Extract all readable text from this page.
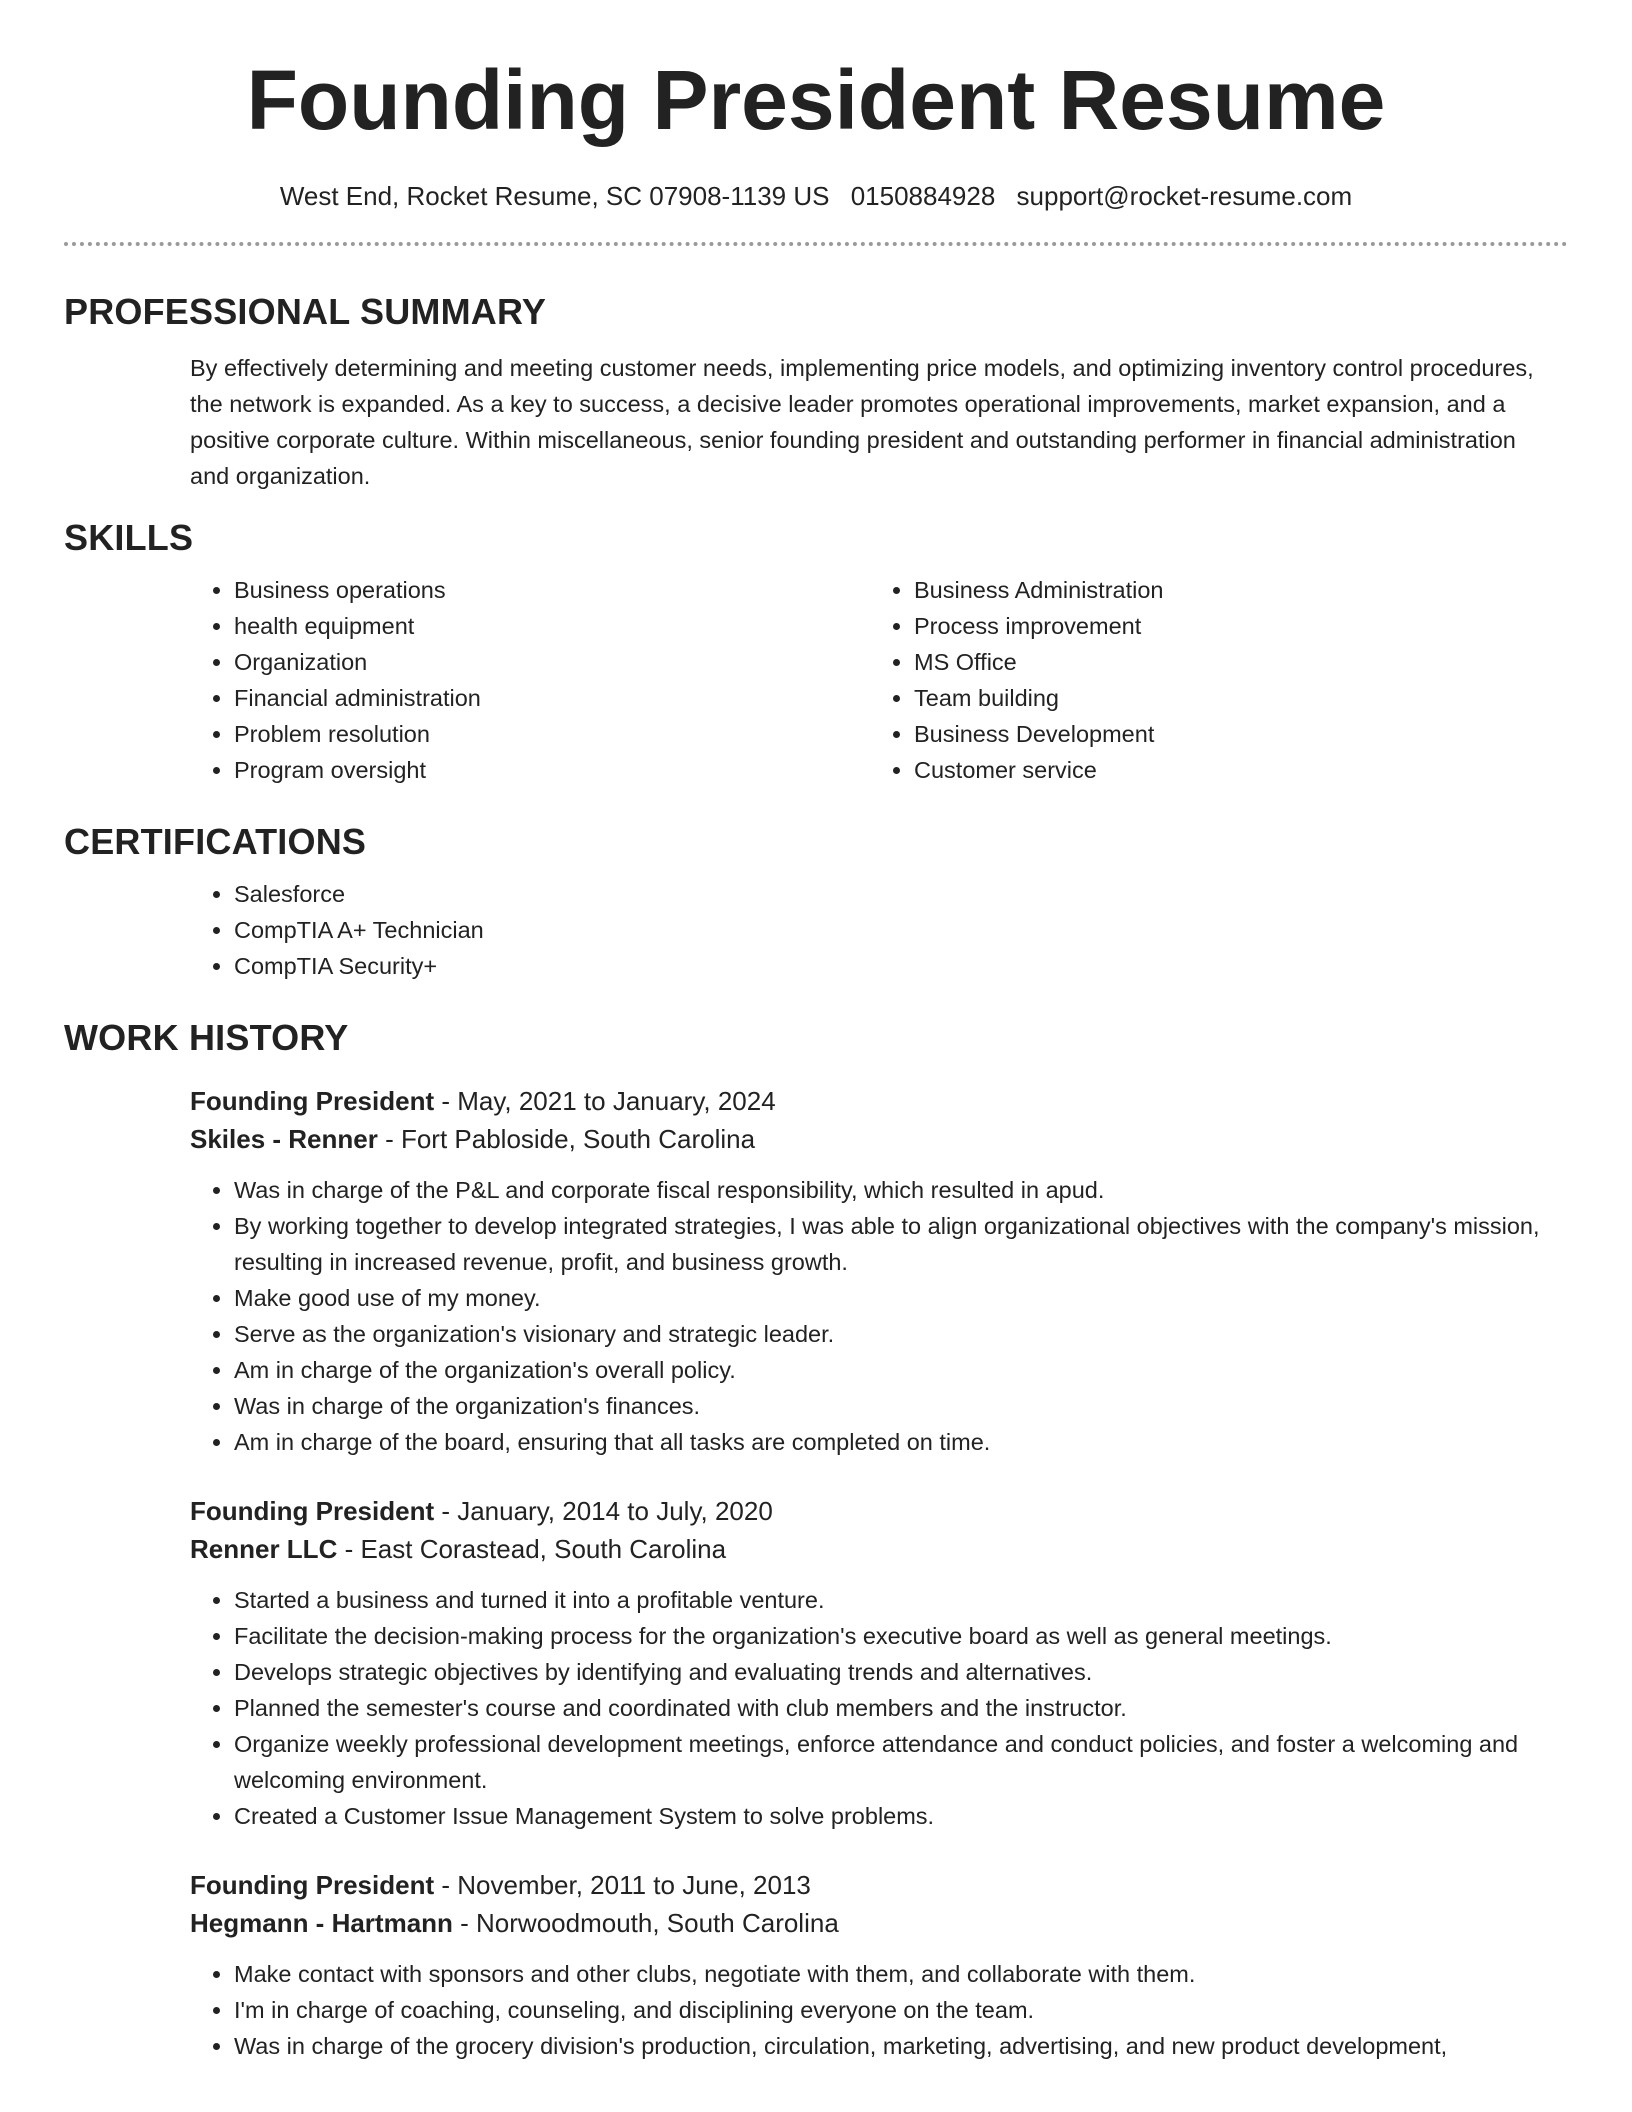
Founding President Resume
West End, Rocket Resume, SC 07908-1139 US 0150884928 support@rocket-resume.com
PROFESSIONAL SUMMARY
By effectively determining and meeting customer needs, implementing price models, and optimizing inventory control procedures, the network is expanded. As a key to success, a decisive leader promotes operational improvements, market expansion, and a positive corporate culture. Within miscellaneous, senior founding president and outstanding performer in financial administration and organization.
SKILLS
• Business operations
• health equipment
• Organization
• Financial administration
• Problem resolution
• Program oversight
• Business Administration
• Process improvement
• MS Office
• Team building
• Business Development
• Customer service
CERTIFICATIONS
• Salesforce
• CompTIA A+ Technician
• CompTIA Security+
WORK HISTORY
Founding President - May, 2021 to January, 2024
Skiles - Renner - Fort Pabloside, South Carolina
• Was in charge of the P&L and corporate fiscal responsibility, which resulted in apud.
• By working together to develop integrated strategies, I was able to align organizational objectives with the company's mission, resulting in increased revenue, profit, and business growth.
• Make good use of my money.
• Serve as the organization's visionary and strategic leader.
• Am in charge of the organization's overall policy.
• Was in charge of the organization's finances.
• Am in charge of the board, ensuring that all tasks are completed on time.
Founding President - January, 2014 to July, 2020
Renner LLC - East Corastead, South Carolina
• Started a business and turned it into a profitable venture.
• Facilitate the decision-making process for the organization's executive board as well as general meetings.
• Develops strategic objectives by identifying and evaluating trends and alternatives.
• Planned the semester's course and coordinated with club members and the instructor.
• Organize weekly professional development meetings, enforce attendance and conduct policies, and foster a welcoming and welcoming environment.
• Created a Customer Issue Management System to solve problems.
Founding President - November, 2011 to June, 2013
Hegmann - Hartmann - Norwoodmouth, South Carolina
• Make contact with sponsors and other clubs, negotiate with them, and collaborate with them.
• I'm in charge of coaching, counseling, and disciplining everyone on the team.
• Was in charge of the grocery division's production, circulation, marketing, advertising, and new product development,
